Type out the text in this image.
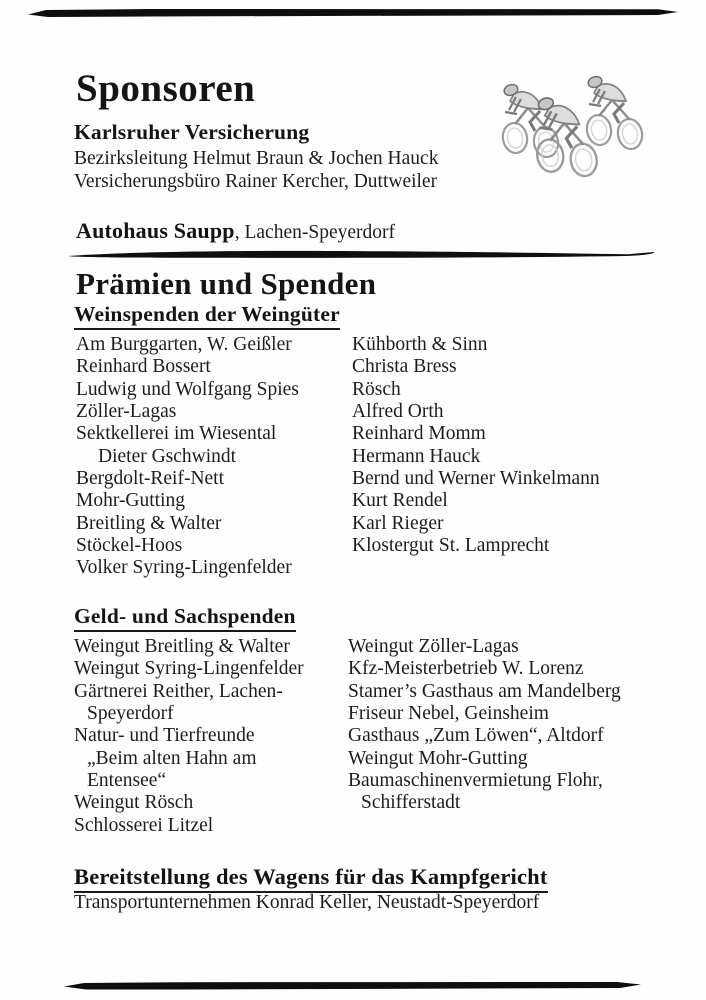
Sponsoren

Karlsruher Versicherung

Bezirksleitung Helmut Braun & Jochen Hauck

Versicherungsbüro Rainer Kercher, Duttweiler

Autohaus Saupp, Lachen-Speyerdorf

Prämien und Spenden
Weinspenden der Weingüter
Am Burggarten, W. Geißler
Reinhard Bossert
Ludwig und Wolfgang Spies
Zöller-Lagas
Sektkellerei im Wiesental
Dieter Gschwindt
Bergdolt-Reif-Nett
Mohr-Gutting
Breitling & Walter
Stöckel-Hoos
Volker Syring-Lingenfelder
Kühborth & Sinn
Christa Bress
Rösch
Alfred Orth
Reinhard Momm
Hermann Hauck
Bernd und Werner Winkelmann
Kurt Rendel
Karl Rieger
Klostergut St. Lamprecht
Geld- und Sachspenden
Weingut Breitling & Walter
Weingut Syring-Lingenfelder
Gärtnerei Reither, Lachen-
Speyerdorf
Natur- und Tierfreunde
„Beim alten Hahn am
Entensee“
Weingut Rösch
Schlosserei Litzel
Weingut Zöller-Lagas
Kfz-Meisterbetrieb W. Lorenz
Stamer’s Gasthaus am Mandelberg
Friseur Nebel, Geinsheim
Gasthaus „Zum Löwen“, Altdorf
Weingut Mohr-Gutting
Baumaschinenvermietung Flohr,
Schifferstadt
Bereitstellung des Wagens für das Kampfgericht

Transportunternehmen Konrad Keller, Neustadt-Speyerdorf
